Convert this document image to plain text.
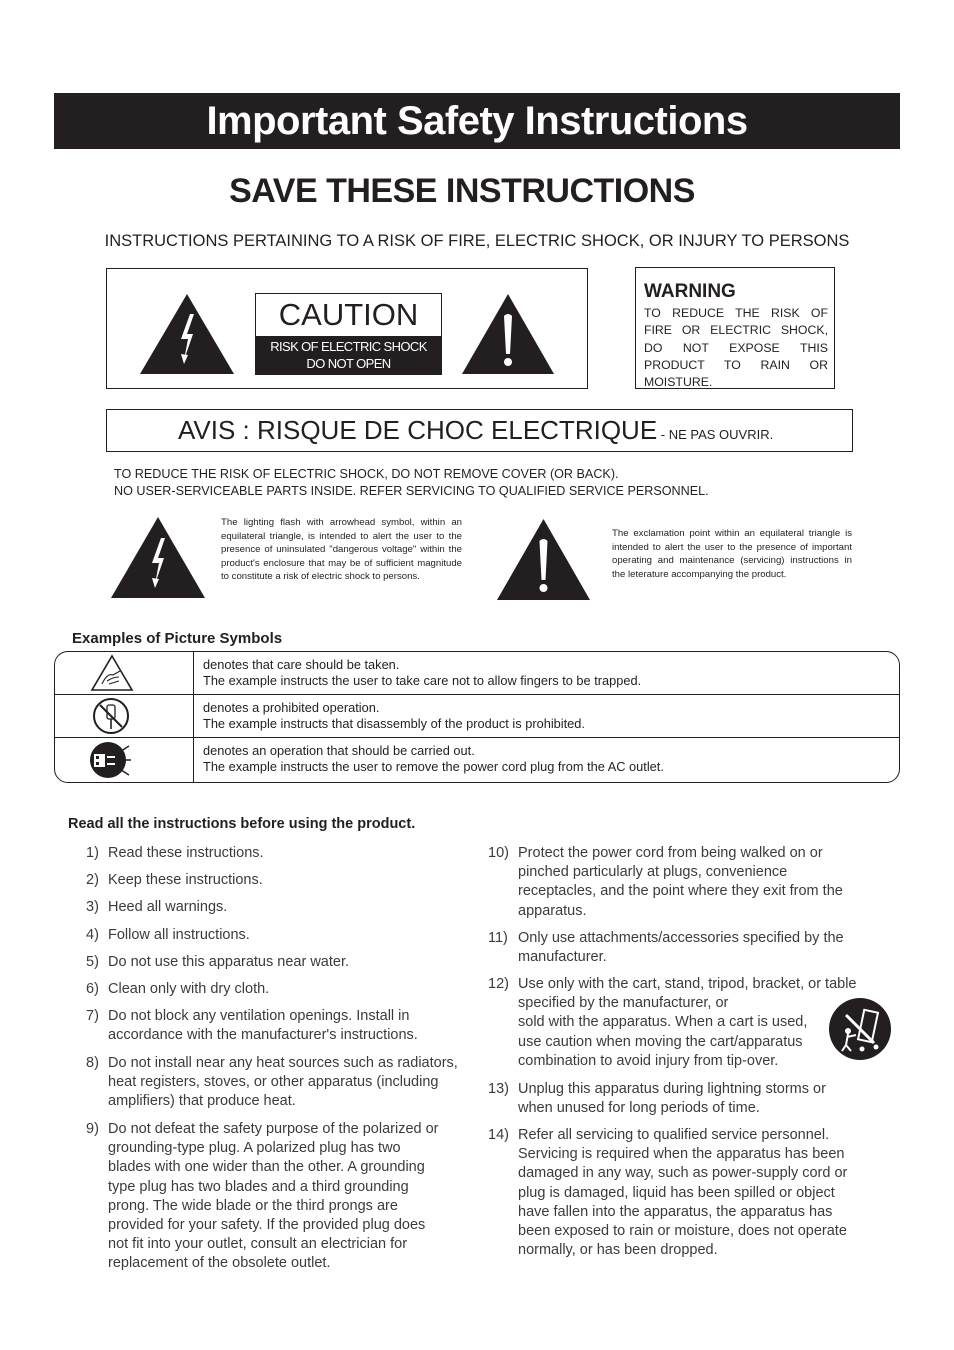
Important Safety Instructions
SAVE THESE INSTRUCTIONS
INSTRUCTIONS PERTAINING TO A RISK OF FIRE, ELECTRIC SHOCK, OR INJURY TO PERSONS
CAUTION
RISK OF ELECTRIC SHOCK
DO NOT OPEN
WARNING
TO REDUCE THE RISK OF FIRE OR ELECTRIC SHOCK, DO NOT EXPOSE THIS PRODUCT TO RAIN OR MOISTURE.
AVIS : RISQUE DE CHOC ELECTRIQUE - NE PAS OUVRIR.
TO REDUCE THE RISK OF ELECTRIC SHOCK, DO NOT REMOVE COVER (OR BACK).
NO USER-SERVICEABLE PARTS INSIDE. REFER SERVICING TO QUALIFIED SERVICE PERSONNEL.
The lighting flash with arrowhead symbol, within an equilateral triangle, is intended to alert the user to the presence of uninsulated "dangerous voltage" within the product's enclosure that may be of sufficient magnitude to constitute a risk of electric shock to persons.
The exclamation point within an equilateral triangle is intended to alert the user to the presence of important operating and maintenance (servicing) instructions in the leterature accompanying the product.
Examples of Picture Symbols
denotes that care should be taken.
The example instructs the user to take care not to allow fingers to be trapped.
denotes a prohibited operation.
The example instructs that disassembly of the product is prohibited.
denotes an operation that should be carried out.
The example instructs the user to remove the power cord plug from the AC outlet.
Read all the instructions before using the product.
1) Read these instructions.
2) Keep these instructions.
3) Heed all warnings.
4) Follow all instructions.
5) Do not use this apparatus near water.
6) Clean only with dry cloth.
7) Do not block any ventilation openings. Install in
accordance with the manufacturer's instructions.
8) Do not install near any heat sources such as radiators,
heat registers, stoves, or other apparatus (including
amplifiers) that produce heat.
9) Do not defeat the safety purpose of the polarized or
grounding-type plug. A polarized plug has two
blades with one wider than the other. A grounding
type plug has two blades and a third grounding
prong. The wide blade or the third prongs are
provided for your safety. If the provided plug does
not fit into your outlet, consult an electrician for
replacement of the obsolete outlet.
10) Protect the power cord from being walked on or
pinched particularly at plugs, convenience
receptacles, and the point where they exit from the
apparatus.
11) Only use attachments/accessories specified by the
manufacturer.
12) Use only with the cart, stand, tripod, bracket, or table
specified by the manufacturer, or
sold with the apparatus. When a cart is used,
use caution when moving the cart/apparatus
combination to avoid injury from tip-over.
13) Unplug this apparatus during lightning storms or
when unused for long periods of time.
14) Refer all servicing to qualified service personnel.
Servicing is required when the apparatus has been
damaged in any way, such as power-supply cord or
plug is damaged, liquid has been spilled or object
have fallen into the apparatus, the apparatus has
been exposed to rain or moisture, does not operate
normally, or has been dropped.
